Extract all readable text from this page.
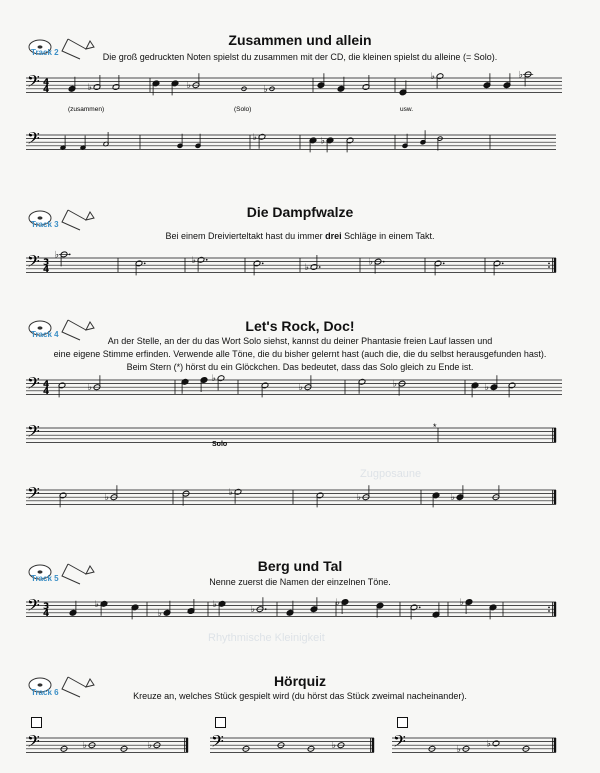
Zugposaune
Rhythmische Kleinigkeit
Track 2
Zusammen und allein
Die groß gedruckten Noten spielst du zusammen mit der CD, die kleinen spielst du alleine (= Solo).
Track 3
Die Dampfwalze
Bei einem Dreivierteltakt hast du immer drei Schläge in einem Takt.
Track 4
Let's Rock, Doc!
An der Stelle, an der du das Wort Solo siehst, kannst du deiner Phantasie freien Lauf lassen und
eine eigene Stimme erfinden. Verwende alle Töne, die du bisher gelernt hast (auch die, die du selbst herausgefunden hast).
Beim Stern (*) hörst du ein Glöckchen. Das bedeutet, dass das Solo gleich zu Ende ist.
Track 5
Berg und Tal
Nenne zuerst die Namen der einzelnen Töne.
Track 6
Hörquiz
Kreuze an, welches Stück gespielt wird (du hörst das Stück zweimal nacheinander).
𝄢 4
4	♭	♭	♭
♭	♭
(zusammen)	(Solo)	usw.
𝄢	♭	♭
𝄢 3
4
♭
♭
♭
♭
𝄢 4
4	♭
♭
♭	♭	♭
𝄢	Solo
*
𝄢	♭
♭
♭	♭
𝄢 3
4
♭
♭
♭
♭
♭	♭
𝄢	♭	♭	𝄢	♭	𝄢	♭
♭
